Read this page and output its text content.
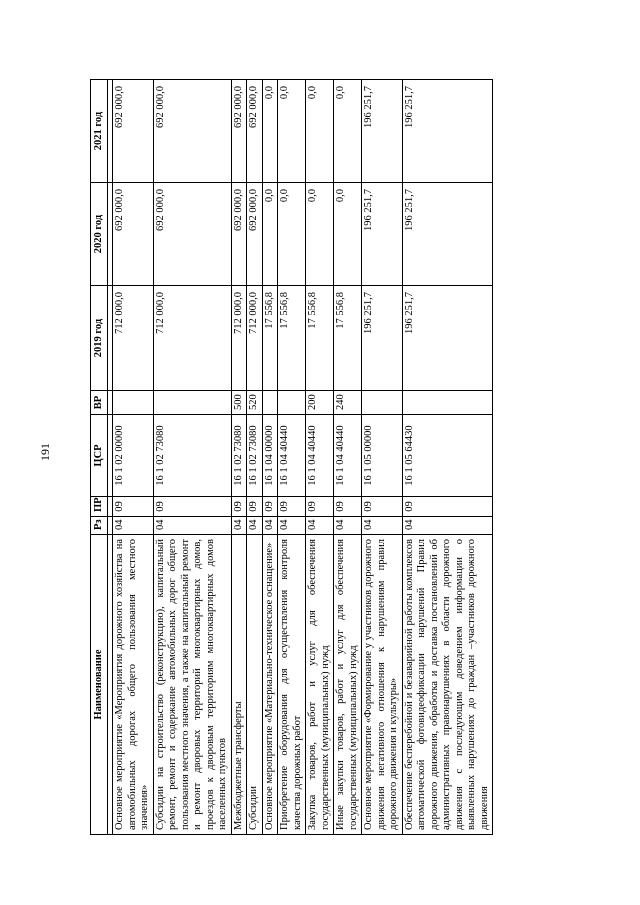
191
Наименование	Рз	ПР	ЦСР	ВР	2019 год	2020 год	2021 год

Основное мероприятие «Мероприятия дорожного хозяйства на автомобильных дорогах общего пользования местного значения»	04	09	16 1 02 00000		712 000,0	692 000,0	692 000,0
Субсидии на строительство (реконструкцию), капитальный ремонт, ремонт и содержание автомобильных дорог общего пользования местного значения, а также на капитальный ремонт и ремонт дворовых территорий многоквартирных домов, проездов к дворовым территориям многоквартирных домов населенных пунктов	04	09	16 1 02 73080		712 000,0	692 000,0	692 000,0
Межбюджетные трансферты	04	09	16 1 02 73080	500	712 000,0	692 000,0	692 000,0
Субсидии	04	09	16 1 02 73080	520	712 000,0	692 000,0	692 000,0
Основное мероприятие «Материально-техническое оснащение»	04	09	16 1 04 00000		17 556,8	0,0	0,0
Приобретение оборудования для осуществления контроля качества дорожных работ	04	09	16 1 04 40440		17 556,8	0,0	0,0
Закупка товаров, работ и услуг для обеспечения государственных (муниципальных) нужд	04	09	16 1 04 40440	200	17 556,8	0,0	0,0
Иные закупки товаров, работ и услуг для обеспечения государственных (муниципальных) нужд	04	09	16 1 04 40440	240	17 556,8	0,0	0,0
Основное мероприятие «Формирование у участников дорожного движения негативного отношения к нарушениям правил дорожного движения и культуры»	04	09	16 1 05 00000		196 251,7	196 251,7	196 251,7
Обеспечение бесперебойной и безаварийной работы комплексов автоматической фотовидеофиксации нарушений Правил дорожного движения, обработка и доставка постановлений об административных правонарушениях в области дорожного движения с последующим доведением информации о выявленных нарушениях до граждан –участников дорожного движения	04	09	16 1 05 64430		196 251,7	196 251,7	196 251,7
